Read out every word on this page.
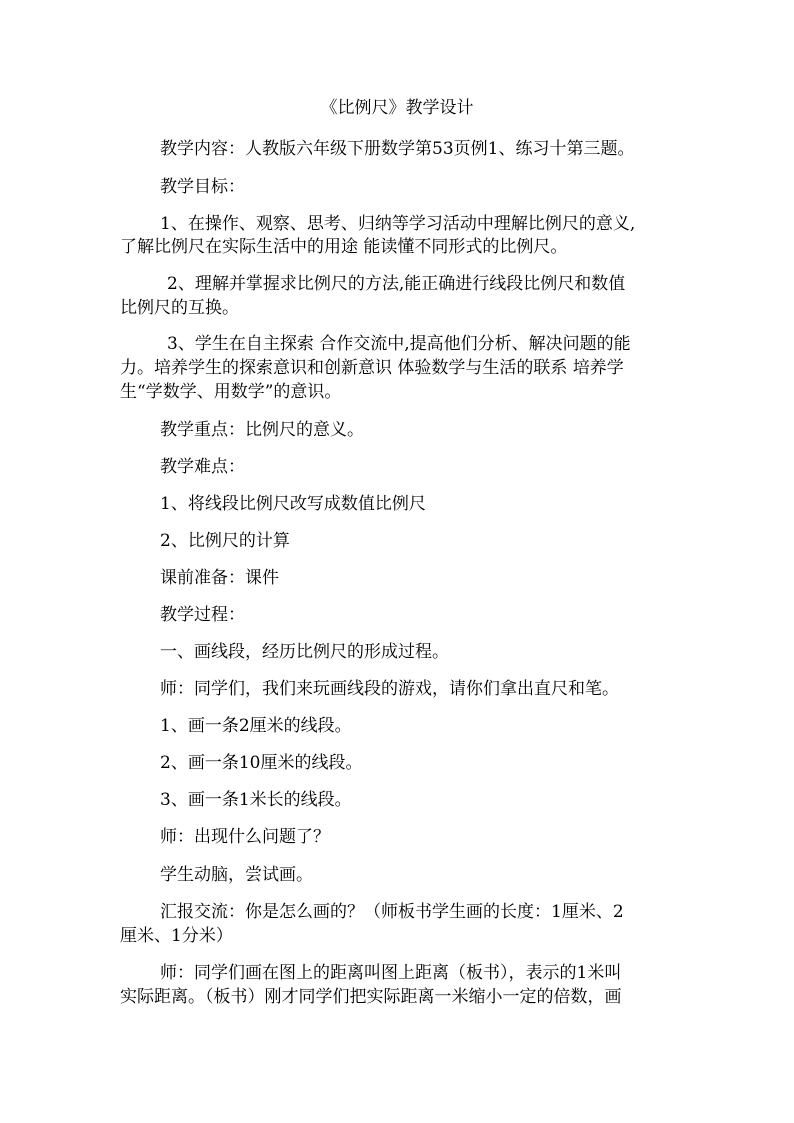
《比例尺》教学设计
教学内容：人教版六年级下册数学第53页例1、练习十第三题。
教学目标：
1、在操作、观察、思考、归纳等学习活动中理解比例尺的意义,
了解比例尺在实际生活中的用途 能读懂不同形式的比例尺。
2、理解并掌握求比例尺的方法,能正确进行线段比例尺和数值
比例尺的互换。
3、学生在自主探索 合作交流中,提高他们分析、解决问题的能
力。培养学生的探索意识和创新意识 体验数学与生活的联系 培养学
生“学数学、用数学”的意识。
教学重点：比例尺的意义。
教学难点：
1、将线段比例尺改写成数值比例尺
2、比例尺的计算
课前准备：课件
教学过程：
一、画线段，经历比例尺的形成过程。
师：同学们，我们来玩画线段的游戏，请你们拿出直尺和笔。
1、画一条2厘米的线段。
2、画一条10厘米的线段。
3、画一条1米长的线段。
师：出现什么问题了？
学生动脑，尝试画。
汇报交流：你是怎么画的？（师板书学生画的长度：1厘米、2
厘米、1分米）
师：同学们画在图上的距离叫图上距离（板书），表示的1米叫
实际距离。（板书）刚才同学们把实际距离一米缩小一定的倍数，画
